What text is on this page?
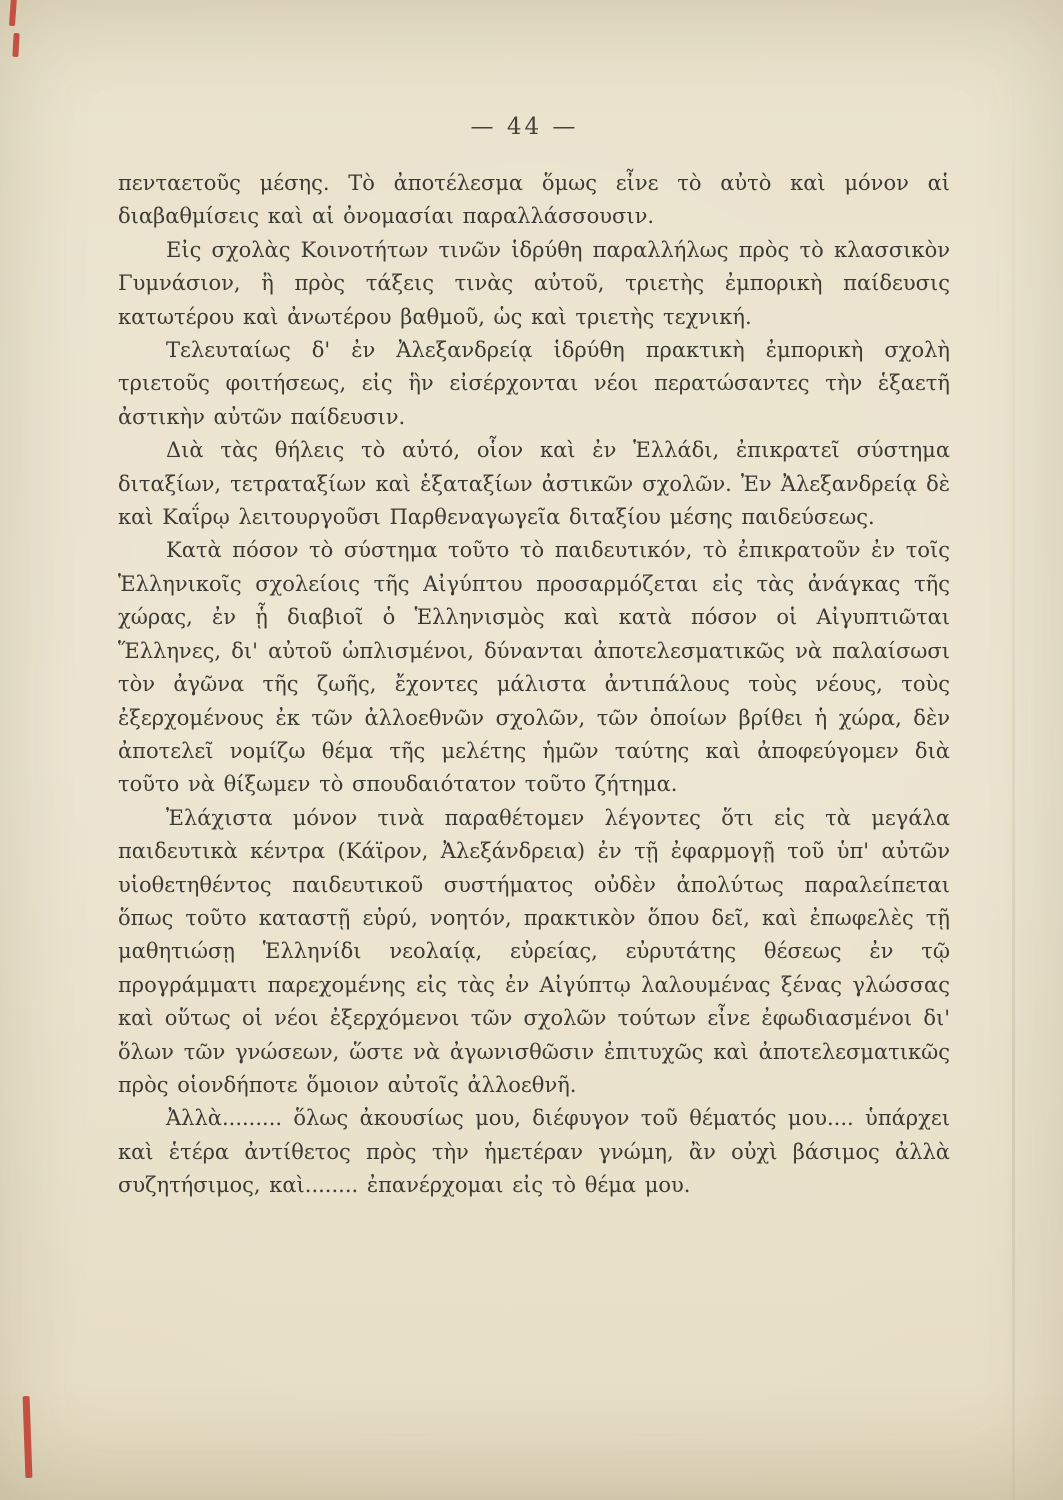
— 44 —

πενταετοῦς μέσης. Τὸ ἀποτέλεσμα ὅμως εἶνε τὸ αὐτὸ καὶ μόνον αἱ διαβαθμίσεις καὶ αἱ ὀνομασίαι παραλλάσσουσιν.

Εἰς σχολὰς Κοινοτήτων τινῶν ἱδρύθη παραλλήλως πρὸς τὸ κλασσικὸν Γυμνάσιον, ἢ πρὸς τάξεις τινὰς αὐτοῦ, τριετὴς ἐμπορικὴ παίδευσις κατωτέρου καὶ ἀνωτέρου βαθμοῦ, ὡς καὶ τριετὴς τεχνική.

Τελευταίως δ' ἐν Ἀλεξανδρείᾳ ἱδρύθη πρακτικὴ ἐμπορικὴ σχολὴ τριετοῦς φοιτήσεως, εἰς ἣν εἰσέρχονται νέοι περατώσαντες τὴν ἑξαετῆ ἀστικὴν αὐτῶν παίδευσιν.

Διὰ τὰς θήλεις τὸ αὐτό, οἷον καὶ ἐν Ἑλλάδι, ἐπικρατεῖ σύστημα διταξίων, τετραταξίων καὶ ἑξαταξίων ἀστικῶν σχολῶν. Ἐν Ἀλεξανδρείᾳ δὲ καὶ Καΐρῳ λειτουργοῦσι Παρθεναγωγεῖα διταξίου μέσης παιδεύσεως.

Κατὰ πόσον τὸ σύστημα τοῦτο τὸ παιδευτικόν, τὸ ἐπικρατοῦν ἐν τοῖς Ἑλληνικοῖς σχολείοις τῆς Αἰγύπτου προσαρμόζεται εἰς τὰς ἀνάγκας τῆς χώρας, ἐν ᾗ διαβιοῖ ὁ Ἑλληνισμὸς καὶ κατὰ πόσον οἱ Αἰγυπτιῶται Ἕλληνες, δι' αὐτοῦ ὡπλισμένοι, δύνανται ἀποτελεσματικῶς νὰ παλαίσωσι τὸν ἀγῶνα τῆς ζωῆς, ἔχοντες μάλιστα ἀντιπάλους τοὺς νέους, τοὺς ἐξερχομένους ἐκ τῶν ἀλλοεθνῶν σχολῶν, τῶν ὁποίων βρίθει ἡ χώρα, δὲν ἀποτελεῖ νομίζω θέμα τῆς μελέτης ἡμῶν ταύτης καὶ ἀποφεύγομεν διὰ τοῦτο νὰ θίξωμεν τὸ σπουδαιότατον τοῦτο ζήτημα.

Ἐλάχιστα μόνον τινὰ παραθέτομεν λέγοντες ὅτι εἰς τὰ μεγάλα παιδευτικὰ κέντρα (Κάϊρον, Ἀλεξάνδρεια) ἐν τῇ ἐφαρμογῇ τοῦ ὑπ' αὐτῶν υἱοθετηθέντος παιδευτικοῦ συστήματος οὐδὲν ἀπολύτως παραλείπεται ὅπως τοῦτο καταστῇ εὐρύ, νοητόν, πρακτικὸν ὅπου δεῖ, καὶ ἐπωφελὲς τῇ μαθητιώσῃ Ἑλληνίδι νεολαίᾳ, εὐρείας, εὐρυτάτης θέσεως ἐν τῷ προγράμματι παρεχομένης εἰς τὰς ἐν Αἰγύπτῳ λαλουμένας ξένας γλώσσας καὶ οὕτως οἱ νέοι ἐξερχόμενοι τῶν σχολῶν τούτων εἶνε ἐφωδιασμένοι δι' ὅλων τῶν γνώσεων, ὥστε νὰ ἀγωνισθῶσιν ἐπιτυχῶς καὶ ἀποτελεσματικῶς πρὸς οἱονδήποτε ὅμοιον αὐτοῖς ἀλλοεθνῆ.

Ἀλλὰ......... ὅλως ἀκουσίως μου, διέφυγον τοῦ θέματός μου.... ὑπάρχει καὶ ἑτέρα ἀντίθετος πρὸς τὴν ἡμετέραν γνώμη, ἂν οὐχὶ βάσιμος ἀλλὰ συζητήσιμος, καὶ........ ἐπανέρχομαι εἰς τὸ θέμα μου.
